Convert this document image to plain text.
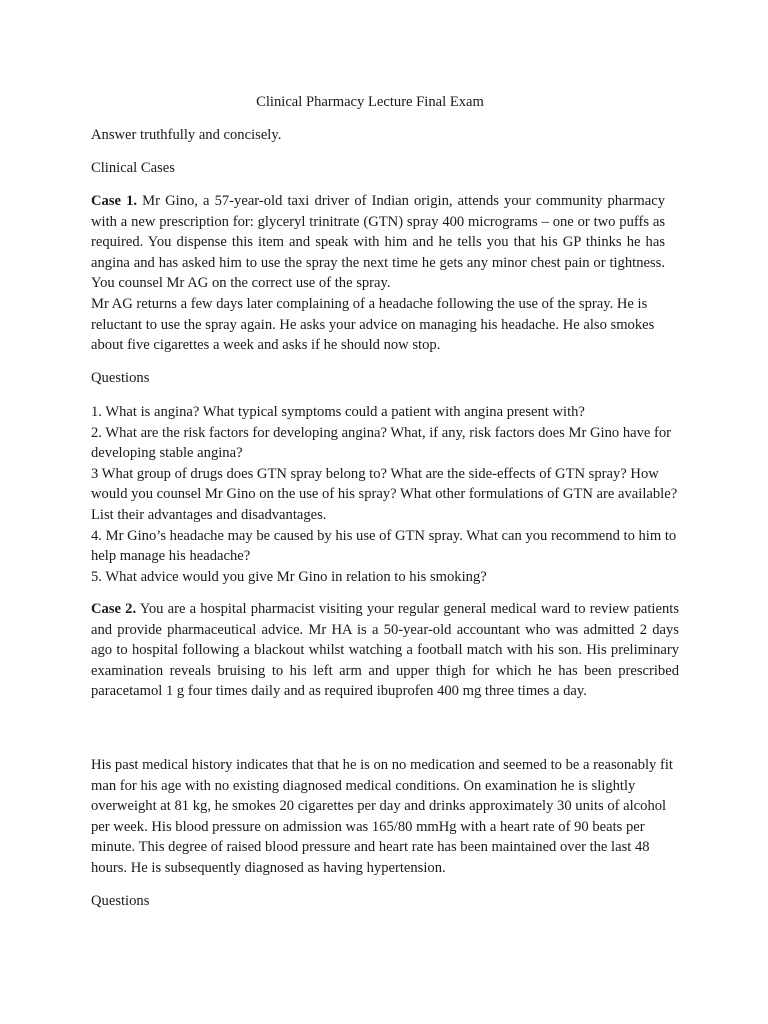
Clinical Pharmacy Lecture Final Exam

Answer truthfully and concisely.

Clinical Cases

Case 1. Mr Gino, a 57-year-old taxi driver of Indian origin, attends your community pharmacy with a new prescription for: glyceryl trinitrate (GTN) spray 400 micrograms – one or two puffs as required. You dispense this item and speak with him and he tells you that his GP thinks he has angina and has asked him to use the spray the next time he gets any minor chest pain or tightness. You counsel Mr AG on the correct use of the spray.

Mr AG returns a few days later complaining of a headache following the use of the spray. He is reluctant to use the spray again. He asks your advice on managing his headache. He also smokes about five cigarettes a week and asks if he should now stop.

Questions

1. What is angina? What typical symptoms could a patient with angina present with?
2. What are the risk factors for developing angina? What, if any, risk factors does Mr Gino have for developing stable angina?
3 What group of drugs does GTN spray belong to? What are the side-effects of GTN spray? How would you counsel Mr Gino on the use of his spray? What other formulations of GTN are available? List their advantages and disadvantages.
4. Mr Gino’s headache may be caused by his use of GTN spray. What can you recommend to him to help manage his headache?
5. What advice would you give Mr Gino in relation to his smoking?

Case 2. You are a hospital pharmacist visiting your regular general medical ward to review patients and provide pharmaceutical advice. Mr HA is a 50-year-old accountant who was admitted 2 days ago to hospital following a blackout whilst watching a football match with his son. His preliminary examination reveals bruising to his left arm and upper thigh for which he has been prescribed paracetamol 1 g four times daily and as required ibuprofen 400 mg three times a day.

His past medical history indicates that that he is on no medication and seemed to be a reasonably fit man for his age with no existing diagnosed medical conditions. On examination he is slightly overweight at 81 kg, he smokes 20 cigarettes per day and drinks approximately 30 units of alcohol per week. His blood pressure on admission was 165/80 mmHg with a heart rate of 90 beats per minute. This degree of raised blood pressure and heart rate has been maintained over the last 48 hours. He is subsequently diagnosed as having hypertension.

Questions
